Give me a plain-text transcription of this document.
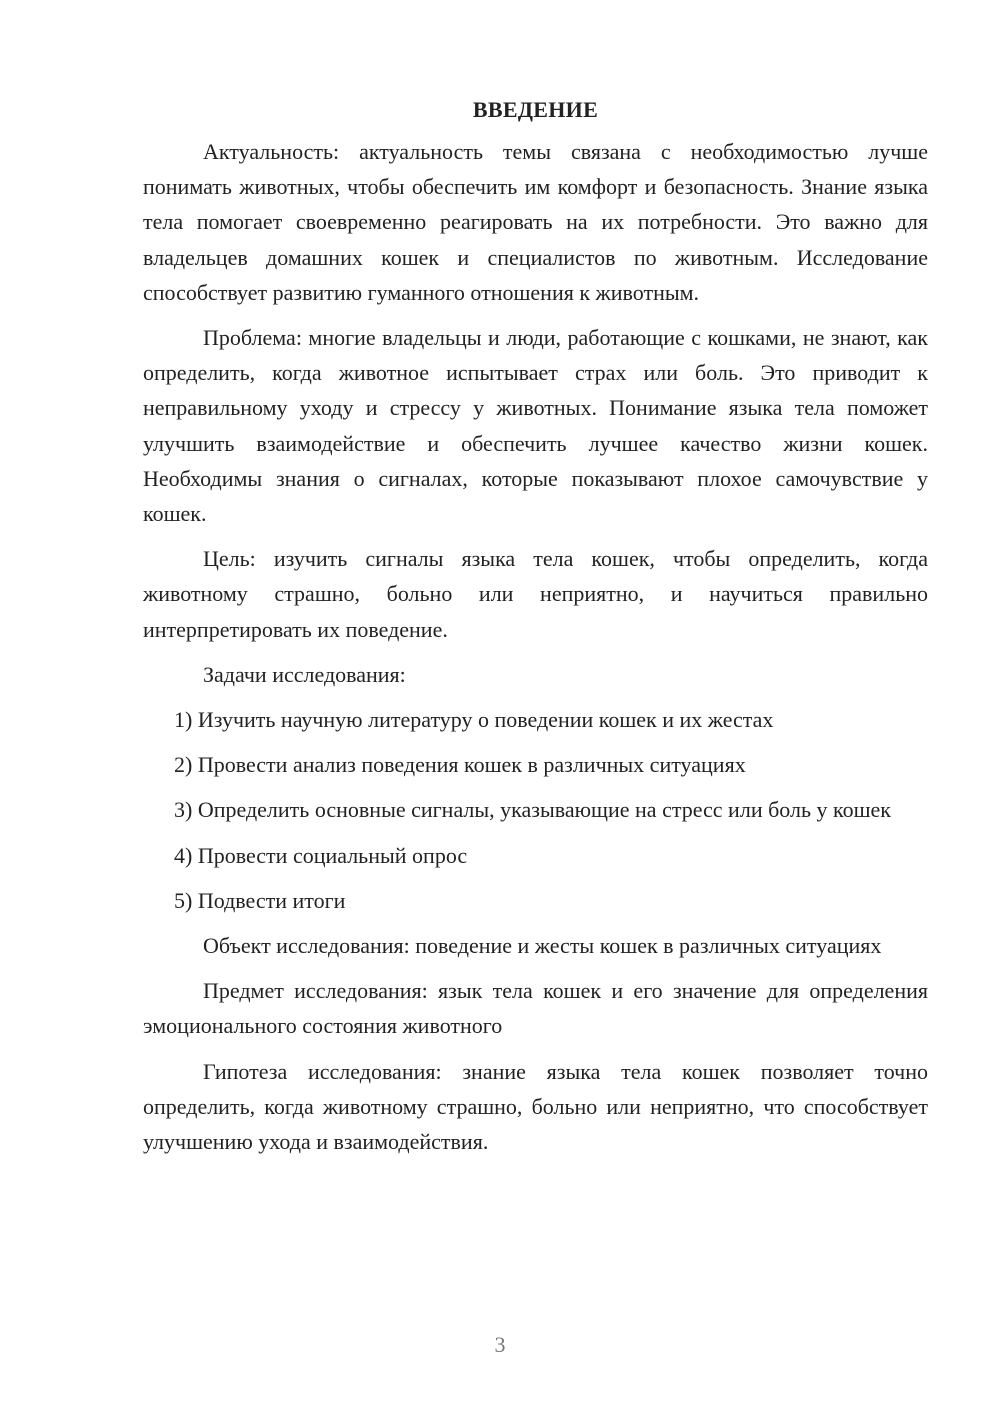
ВВЕДЕНИЕ

Актуальность: актуальность темы связана с необходимостью лучше понимать животных, чтобы обеспечить им комфорт и безопасность. Знание языка тела помогает своевременно реагировать на их потребности. Это важно для владельцев домашних кошек и специалистов по животным. Исследование способствует развитию гуманного отношения к животным.

Проблема: многие владельцы и люди, работающие с кошками, не знают, как определить, когда животное испытывает страх или боль. Это приводит к неправильному уходу и стрессу у животных. Понимание языка тела поможет улучшить взаимодействие и обеспечить лучшее качество жизни кошек. Необходимы знания о сигналах, которые показывают плохое самочувствие у кошек.

Цель: изучить сигналы языка тела кошек, чтобы определить, когда животному страшно, больно или неприятно, и научиться правильно интерпретировать их поведение.

Задачи исследования:

1) Изучить научную литературу о поведении кошек и их жестах

2) Провести анализ поведения кошек в различных ситуациях

3) Определить основные сигналы, указывающие на стресс или боль у кошек

4) Провести социальный опрос

5) Подвести итоги

Объект исследования: поведение и жесты кошек в различных ситуациях

Предмет исследования: язык тела кошек и его значение для определения эмоционального состояния животного

Гипотеза исследования: знание языка тела кошек позволяет точно определить, когда животному страшно, больно или неприятно, что способствует улучшению ухода и взаимодействия.

3
